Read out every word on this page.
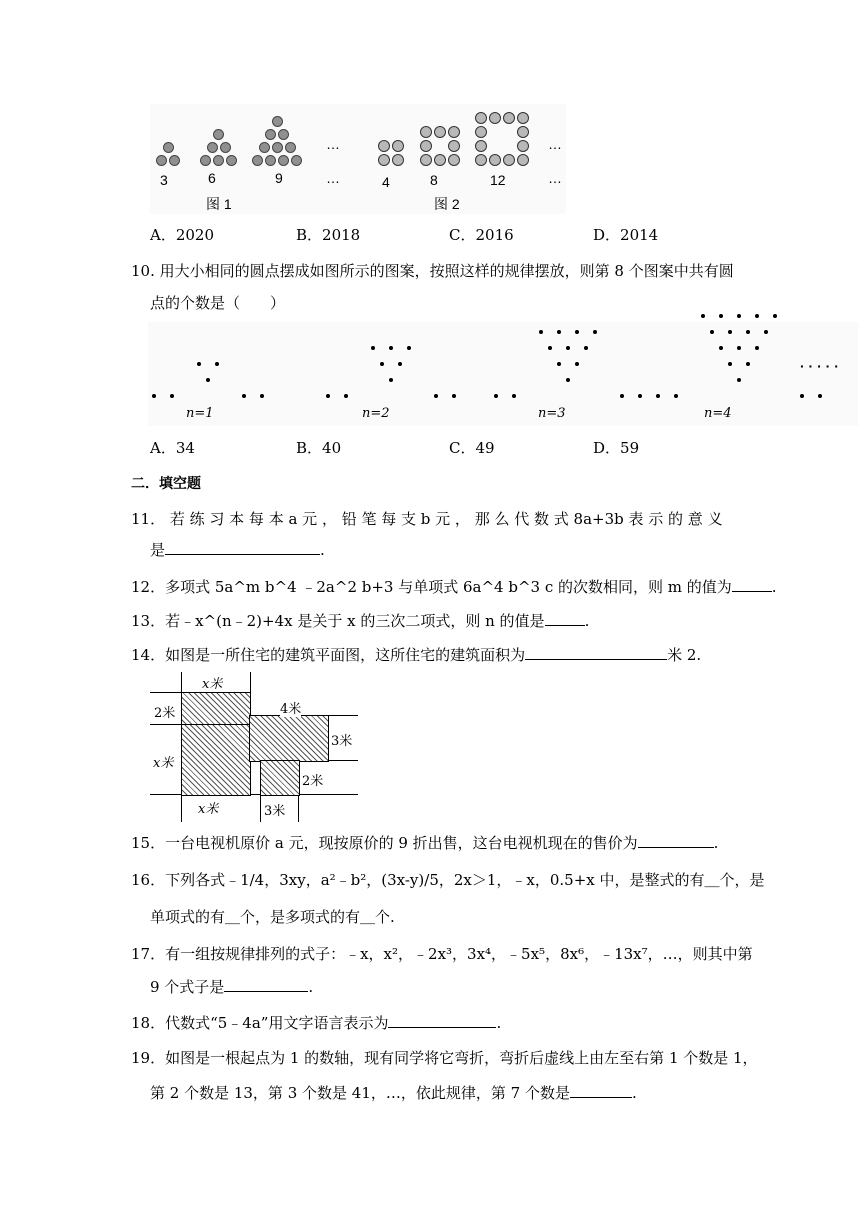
3	6	9
…
…	4	8	12
…
…
图 1	图 2
A．2020	B．2018	C．2016	D．2014
10. 用大小相同的圆点摆成如图所示的图案，按照这样的规律摆放，则第 8 个图案中共有圆
点的个数是（　　）
n=1	n=2	n=3	n=4
· · · · ·
A．34	B．40	C．49	D．59
二．填空题
11． 若 练 习 本 每 本 a 元 ， 铅 笔 每 支 b 元 ， 那 么 代 数 式 8a+3b 表 示 的 意 义
是	.
12．多项式 5a^m b^4 ﹣2a^2 b+3 与单项式 6a^4 b^3 c 的次数相同，则 m 的值为	.
13．若﹣x^(n﹣2)+4x 是关于 x 的三次二项式，则 n 的值是	.
14．如图是一所住宅的建筑平面图，这所住宅的建筑面积为	米 2.
x米
2米	4米
3米
x米
2米
x米	3米
15．一台电视机原价 a 元，现按原价的 9 折出售，这台电视机现在的售价为	.
16．下列各式﹣1/4，3xy，a²﹣b²，(3x-y)/5，2x＞1，﹣x，0.5+x 中，是整式的有＿个，是
单项式的有＿个，是多项式的有＿个.
17．有一组按规律排列的式子：﹣x，x²，﹣2x³，3x⁴，﹣5x⁵，8x⁶，﹣13x⁷，…，则其中第
9 个式子是	.
18．代数式“5﹣4a”用文字语言表示为	.
19．如图是一根起点为 1 的数轴，现有同学将它弯折，弯折后虚线上由左至右第 1 个数是 1，
第 2 个数是 13，第 3 个数是 41，…，依此规律，第 7 个数是	.
